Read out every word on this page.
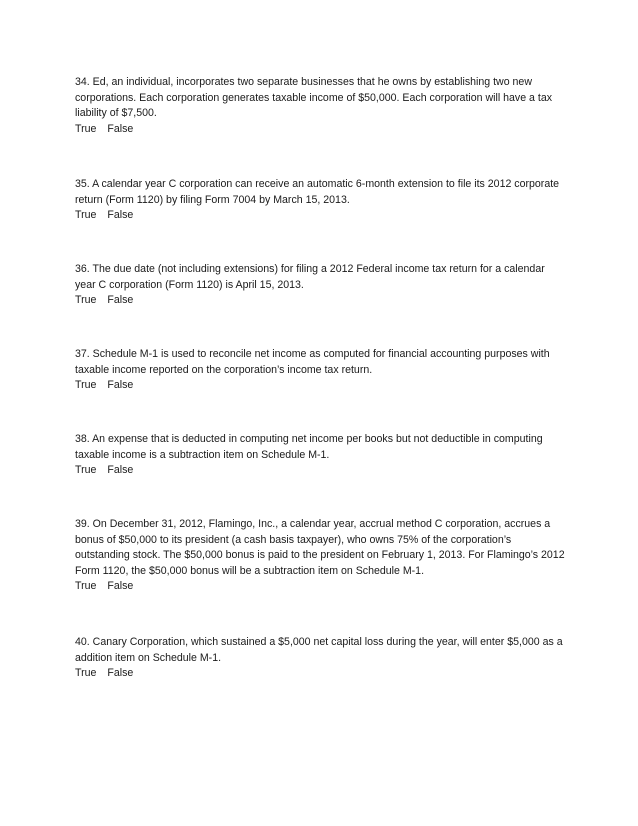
34. Ed, an individual, incorporates two separate businesses that he owns by establishing two new
corporations. Each corporation generates taxable income of $50,000. Each corporation will have a tax
liability of $7,500.

True False

35. A calendar year C corporation can receive an automatic 6-month extension to file its 2012 corporate
return (Form 1120) by filing Form 7004 by March 15, 2013.

True False

36. The due date (not including extensions) for filing a 2012 Federal income tax return for a calendar
year C corporation (Form 1120) is April 15, 2013.

True False

37. Schedule M-1 is used to reconcile net income as computed for financial accounting purposes with
taxable income reported on the corporation’s income tax return.

True False

38. An expense that is deducted in computing net income per books but not deductible in computing
taxable income is a subtraction item on Schedule M-1.

True False

39. On December 31, 2012, Flamingo, Inc., a calendar year, accrual method C corporation, accrues a
bonus of $50,000 to its president (a cash basis taxpayer), who owns 75% of the corporation’s
outstanding stock. The $50,000 bonus is paid to the president on February 1, 2013. For Flamingo’s 2012
Form 1120, the $50,000 bonus will be a subtraction item on Schedule M-1.

True False

40. Canary Corporation, which sustained a $5,000 net capital loss during the year, will enter $5,000 as a
addition item on Schedule M-1.

True False
